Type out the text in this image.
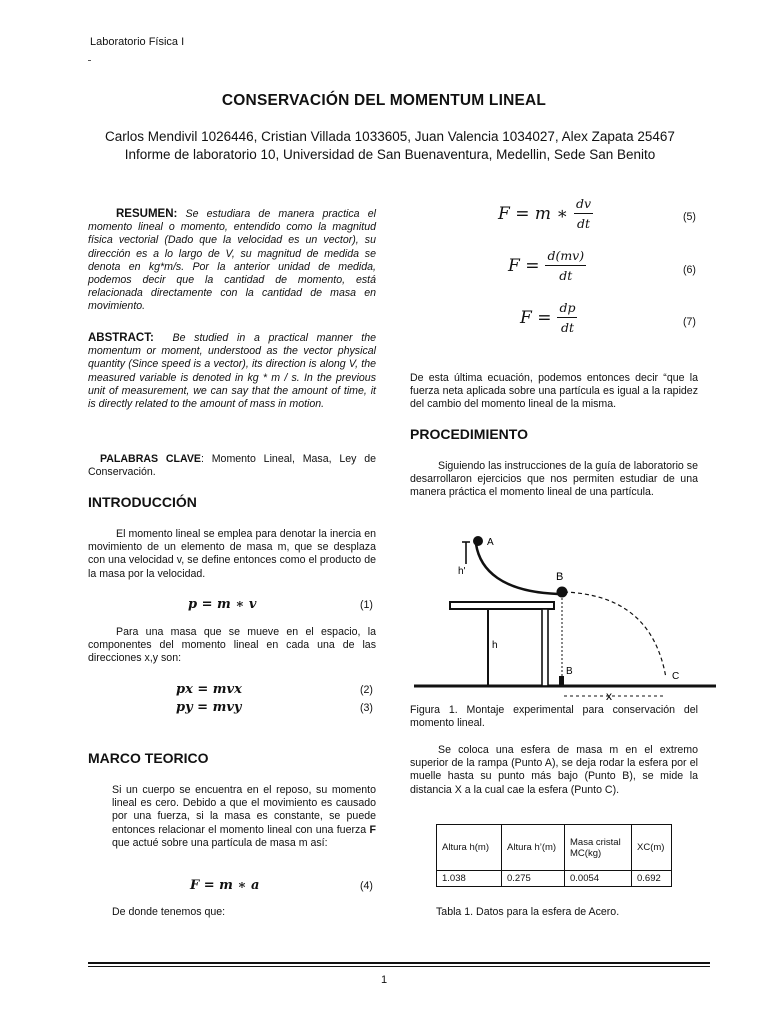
Laboratorio Física I
CONSERVACIÓN DEL MOMENTUM LINEAL
Carlos Mendivil 1026446, Cristian Villada 1033605, Juan Valencia 1034027, Alex Zapata 25467
Informe de laboratorio 10, Universidad de San Buenaventura, Medellin, Sede San Benito
RESUMEN: Se estudiara de manera practica el momento lineal o momento, entendido como la magnitud física vectorial (Dado que la velocidad es un vector), su dirección es a lo largo de V, su magnitud de medida se denota en kg*m/s. Por la anterior unidad de medida, podemos decir que la cantidad de momento, está relacionada directamente con la cantidad de masa en movimiento.
ABSTRACT: Be studied in a practical manner the momentum or moment, understood as the vector physical quantity (Since speed is a vector), its direction is along V, the measured variable is denoted in kg * m / s. In the previous unit of measurement, we can say that the amount of time, it is directly related to the amount of mass in motion.
PALABRAS CLAVE: Momento Lineal, Masa, Ley de Conservación.
INTRODUCCIÓN
El momento lineal se emplea para denotar la inercia en movimiento de un elemento de masa m, que se desplaza con una velocidad v, se define entonces como el producto de la masa por la velocidad.
p = m ∗ v	(1)
Para una masa que se mueve en el espacio, la componentes del momento lineal en cada una de las direcciones x,y son:
px = mvx	(2)
py = mvy	(3)
MARCO TEORICO
Si un cuerpo se encuentra en el reposo, su momento lineal es cero. Debido a que el movimiento es causado por una fuerza, si la masa es constante, se puede entonces relacionar el momento lineal con una fuerza F que actué sobre una partícula de masa m así:
F = m ∗ a	(4)
De donde tenemos que:
F = m ∗ $\frac{dv}{dt}$	(5)
$F = \frac{d(mv)}{dt}$	(6)
$F = \frac{dp}{dt}$	(7)
De esta última ecuación, podemos entonces decir “que la fuerza neta aplicada sobre una partícula es igual a la rapidez del cambio del momento lineal de la misma.
PROCEDIMIENTO
Siguiendo las instrucciones de la guía de laboratorio se desarrollaron ejercicios que nos permiten estudiar de una manera práctica el momento lineal de una partícula.
A
h'	B
h
B	C
x
Figura 1. Montaje experimental para conservación del momento lineal.
Se coloca una esfera de masa m en el extremo superior de la rampa (Punto A), se deja rodar la esfera por el muelle hasta su punto más bajo (Punto B), se mide la distancia X a la cual cae la esfera (Punto C).
Altura h(m)	Altura h’(m)	Masa cristal MC(kg)	XC(m)
1.038	0.275	0.0054	0.692
Tabla 1. Datos para la esfera de Acero.
1
